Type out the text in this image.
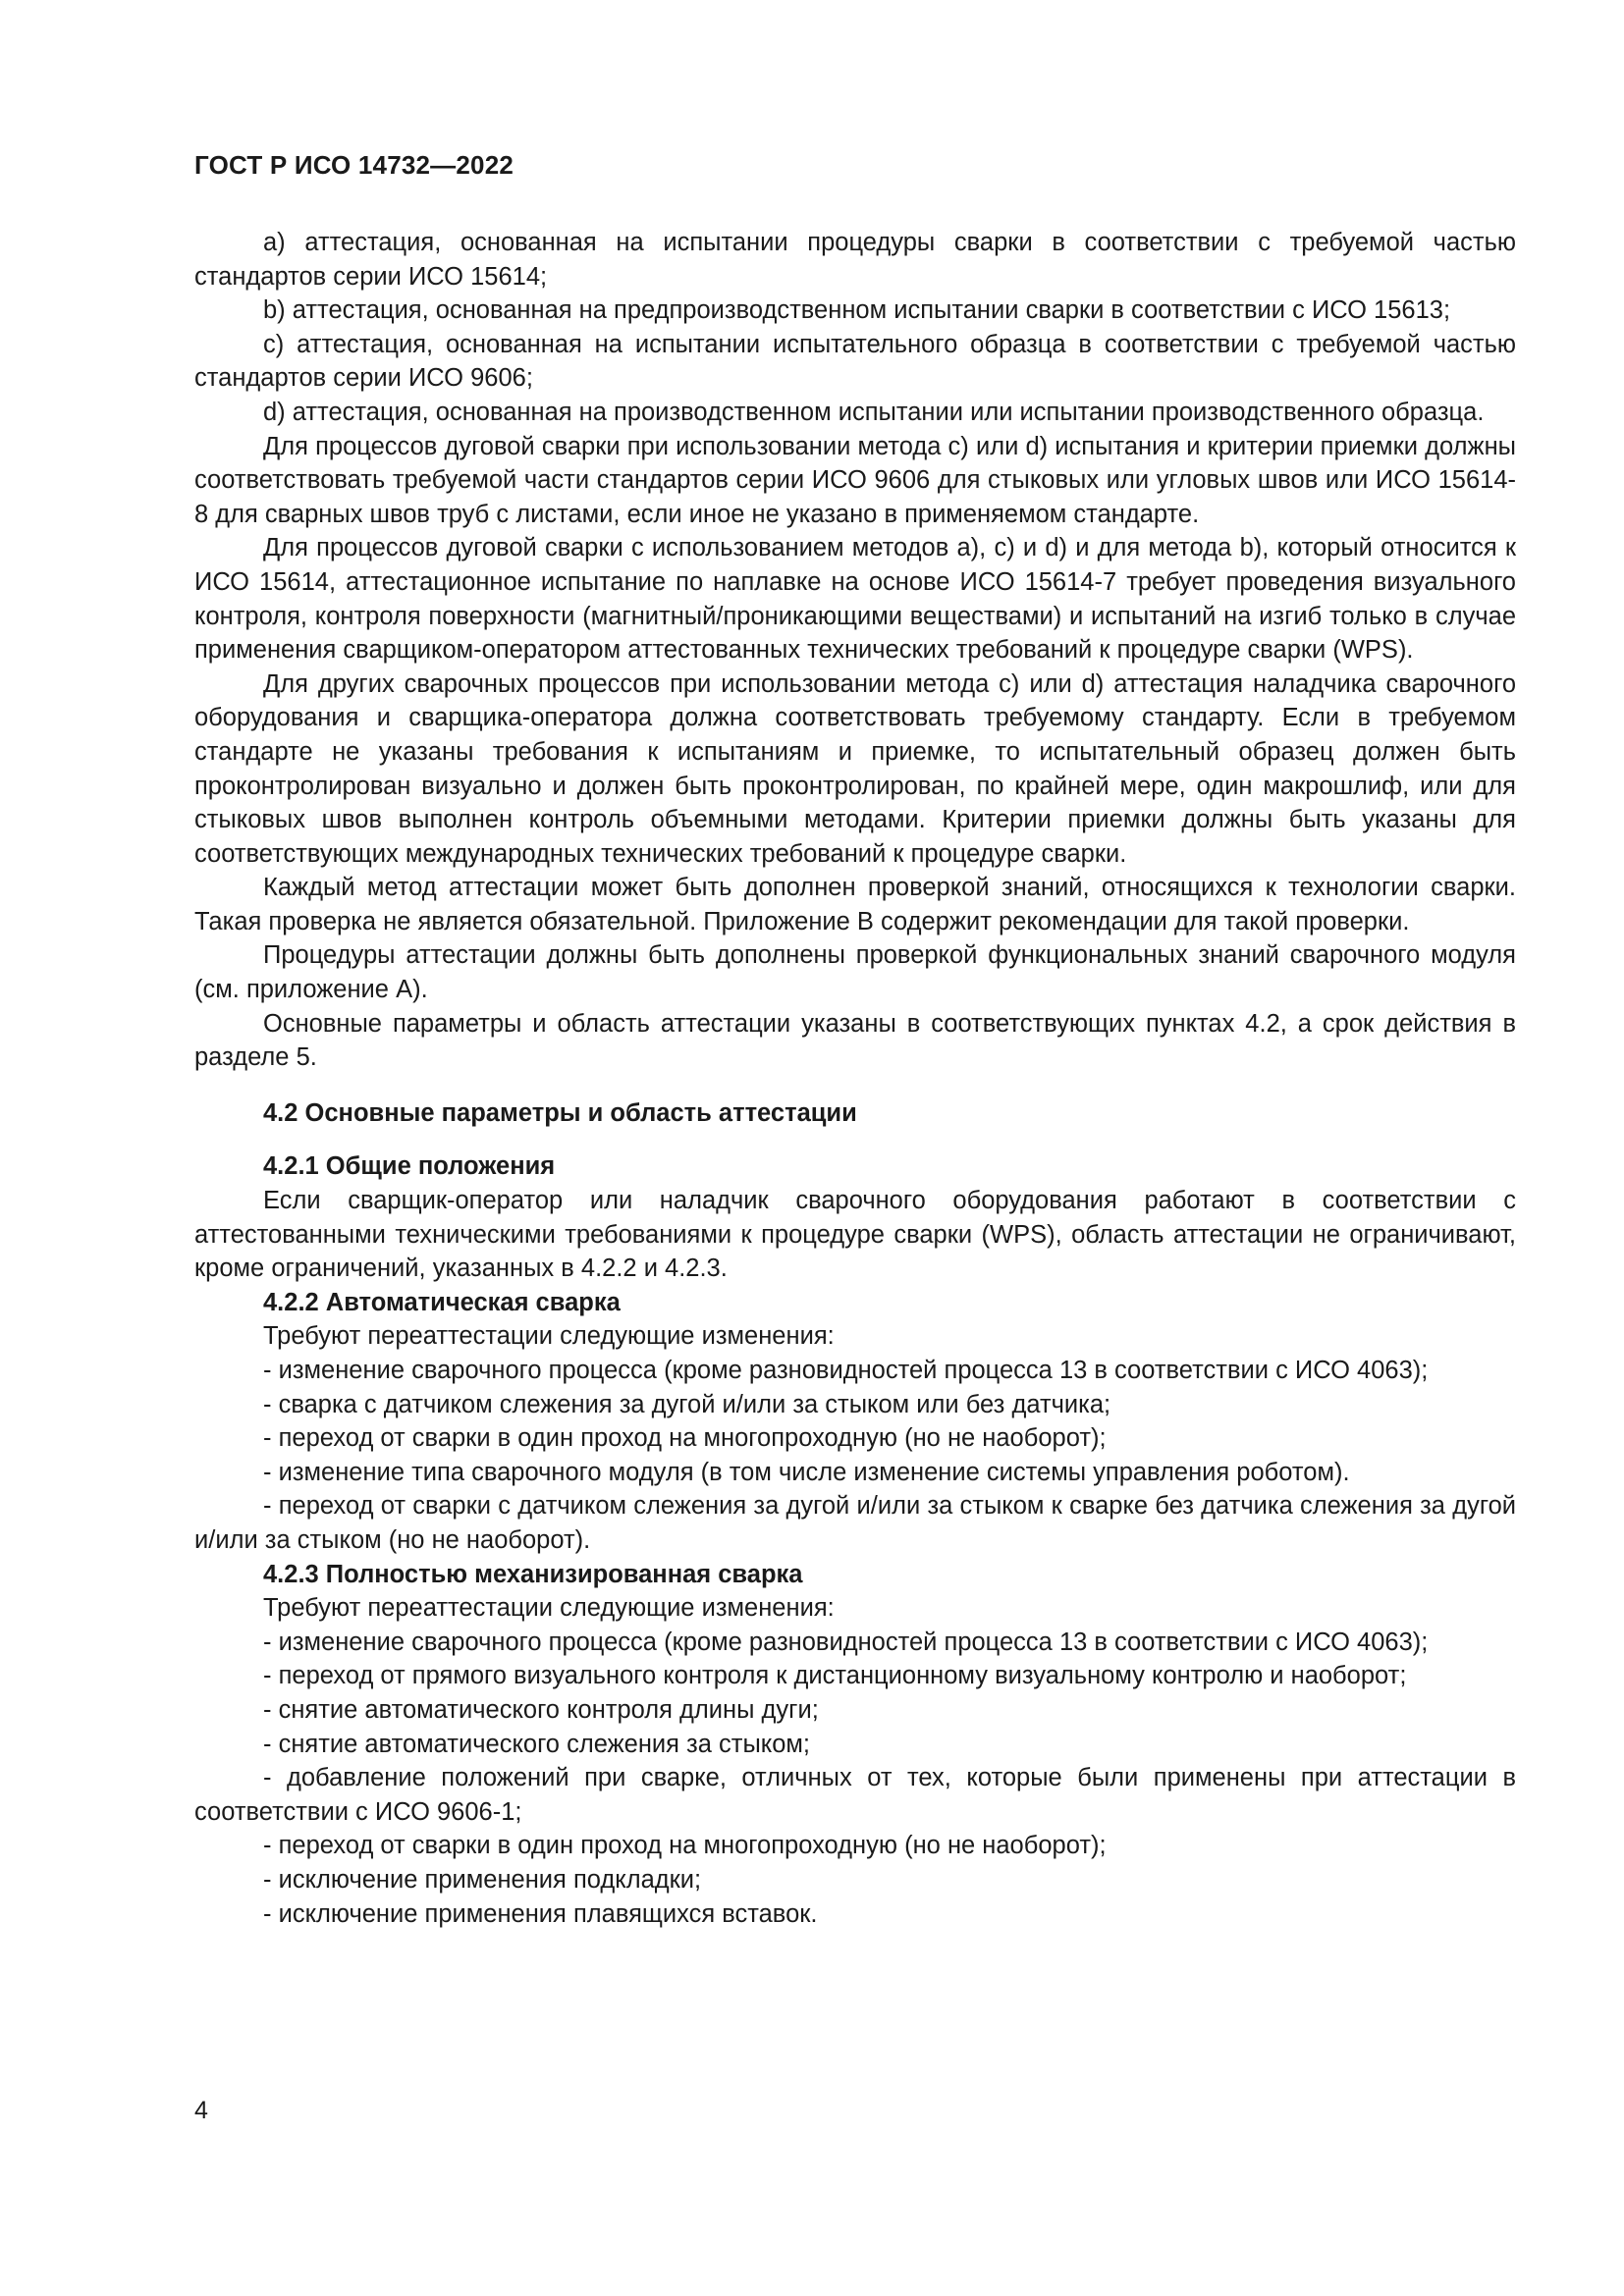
ГОСТ Р ИСО 14732—2022

a) аттестация, основанная на испытании процедуры сварки в соответствии с требуемой частью стандартов серии ИСО 15614;

b) аттестация, основанная на предпроизводственном испытании сварки в соответствии с ИСО 15613;

c) аттестация, основанная на испытании испытательного образца в соответствии с требуемой частью стандартов серии ИСО 9606;

d) аттестация, основанная на производственном испытании или испытании производственного образца.

Для процессов дуговой сварки при использовании метода c) или d) испытания и критерии приемки должны соответствовать требуемой части стандартов серии ИСО 9606 для стыковых или угловых швов или ИСО 15614-8 для сварных швов труб с листами, если иное не указано в применяемом стандарте.

Для процессов дуговой сварки с использованием методов a), c) и d) и для метода b), который относится к ИСО 15614, аттестационное испытание по наплавке на основе ИСО 15614-7 требует проведения визуального контроля, контроля поверхности (магнитный/проникающими веществами) и испытаний на изгиб только в случае применения сварщиком-оператором аттестованных технических требований к процедуре сварки (WPS).

Для других сварочных процессов при использовании метода c) или d) аттестация наладчика сварочного оборудования и сварщика-оператора должна соответствовать требуемому стандарту. Если в требуемом стандарте не указаны требования к испытаниям и приемке, то испытательный образец должен быть проконтролирован визуально и должен быть проконтролирован, по крайней мере, один макрошлиф, или для стыковых швов выполнен контроль объемными методами. Критерии приемки должны быть указаны для соответствующих международных технических требований к процедуре сварки.

Каждый метод аттестации может быть дополнен проверкой знаний, относящихся к технологии сварки. Такая проверка не является обязательной. Приложение B содержит рекомендации для такой проверки.

Процедуры аттестации должны быть дополнены проверкой функциональных знаний сварочного модуля (см. приложение А).

Основные параметры и область аттестации указаны в соответствующих пунктах 4.2, а срок действия в разделе 5.

4.2 Основные параметры и область аттестации
4.2.1 Общие положения

Если сварщик-оператор или наладчик сварочного оборудования работают в соответствии с аттестованными техническими требованиями к процедуре сварки (WPS), область аттестации не ограничивают, кроме ограничений, указанных в 4.2.2 и 4.2.3.

4.2.2 Автоматическая сварка

Требуют переаттестации следующие изменения:

- изменение сварочного процесса (кроме разновидностей процесса 13 в соответствии с ИСО 4063);

- сварка с датчиком слежения за дугой и/или за стыком или без датчика;

- переход от сварки в один проход на многопроходную (но не наоборот);

- изменение типа сварочного модуля (в том числе изменение системы управления роботом).

- переход от сварки с датчиком слежения за дугой и/или за стыком к сварке без датчика слежения за дугой и/или за стыком (но не наоборот).

4.2.3 Полностью механизированная сварка

Требуют переаттестации следующие изменения:

- изменение сварочного процесса (кроме разновидностей процесса 13 в соответствии с ИСО 4063);

- переход от прямого визуального контроля к дистанционному визуальному контролю и наоборот;

- снятие автоматического контроля длины дуги;

- снятие автоматического слежения за стыком;

- добавление положений при сварке, отличных от тех, которые были применены при аттестации в соответствии с ИСО 9606-1;

- переход от сварки в один проход на многопроходную (но не наоборот);

- исключение применения подкладки;

- исключение применения плавящихся вставок.

4
